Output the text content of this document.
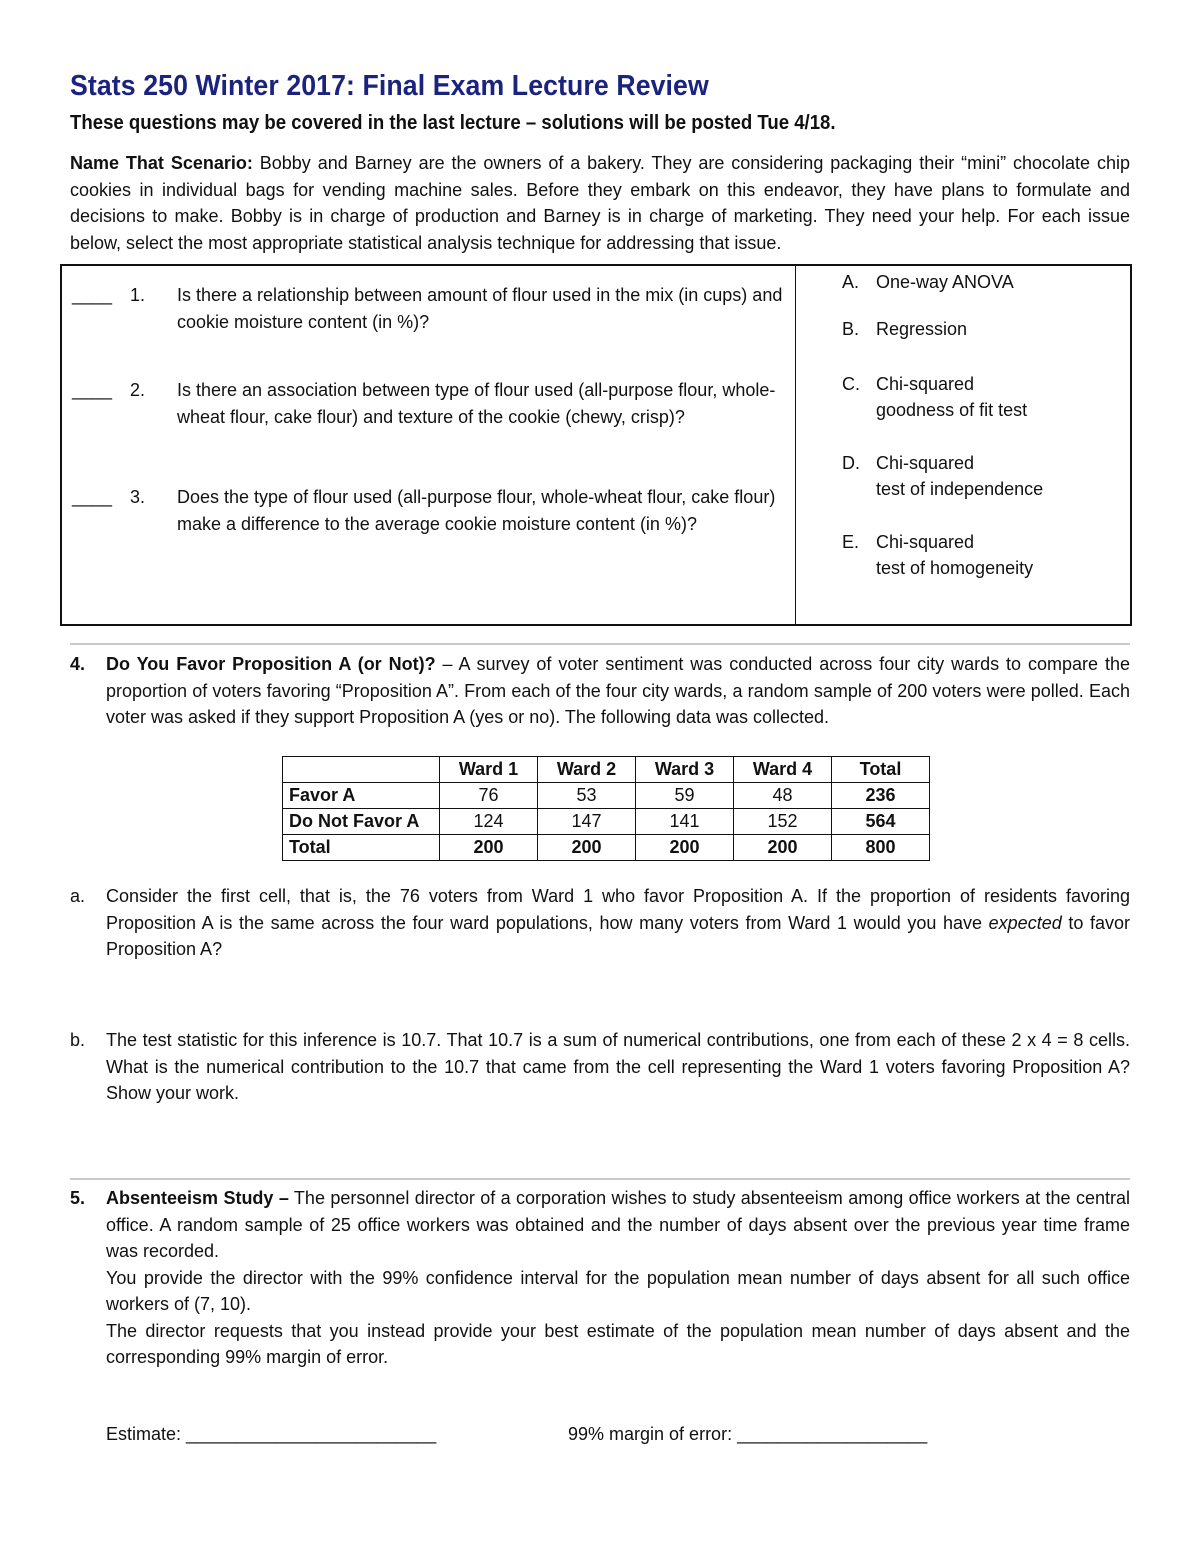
Stats 250 Winter 2017: Final Exam Lecture Review
These questions may be covered in the last lecture – solutions will be posted Tue 4/18.
Name That Scenario: Bobby and Barney are the owners of a bakery. They are considering packaging their “mini” chocolate chip cookies in individual bags for vending machine sales. Before they embark on this endeavor, they have plans to formulate and decisions to make. Bobby is in charge of production and Barney is in charge of marketing. They need your help. For each issue below, select the most appropriate statistical analysis technique for addressing that issue.
____ 1. Is there a relationship between amount of flour used in the mix (in cups) and cookie moisture content (in %)?
____ 2. Is there an association between type of flour used (all-purpose flour, whole-wheat flour, cake flour) and texture of the cookie (chewy, crisp)?
____ 3. Does the type of flour used (all-purpose flour, whole-wheat flour, cake flour) make a difference to the average cookie moisture content (in %)?
A. One-way ANOVA
B. Regression
C. Chi-squared
goodness of fit test
D. Chi-squared
test of independence
E. Chi-squared
test of homogeneity
4. Do You Favor Proposition A (or Not)? – A survey of voter sentiment was conducted across four city wards to compare the proportion of voters favoring “Proposition A”. From each of the four city wards, a random sample of 200 voters were polled. Each voter was asked if they support Proposition A (yes or no). The following data was collected.
	Ward 1	Ward 2	Ward 3	Ward 4	Total
Favor A	76	53	59	48	236
Do Not Favor A	124	147	141	152	564
Total	200	200	200	200	800
a. Consider the first cell, that is, the 76 voters from Ward 1 who favor Proposition A. If the proportion of residents favoring Proposition A is the same across the four ward populations, how many voters from Ward 1 would you have expected to favor Proposition A?
b. The test statistic for this inference is 10.7. That 10.7 is a sum of numerical contributions, one from each of these 2 x 4 = 8 cells. What is the numerical contribution to the 10.7 that came from the cell representing the Ward 1 voters favoring Proposition A? Show your work.
5. Absenteeism Study – The personnel director of a corporation wishes to study absenteeism among office workers at the central office. A random sample of 25 office workers was obtained and the number of days absent over the previous year time frame was recorded.
You provide the director with the 99% confidence interval for the population mean number of days absent for all such office workers of (7, 10).
The director requests that you instead provide your best estimate of the population mean number of days absent and the corresponding 99% margin of error.
Estimate: _________________________	99% margin of error: ___________________
